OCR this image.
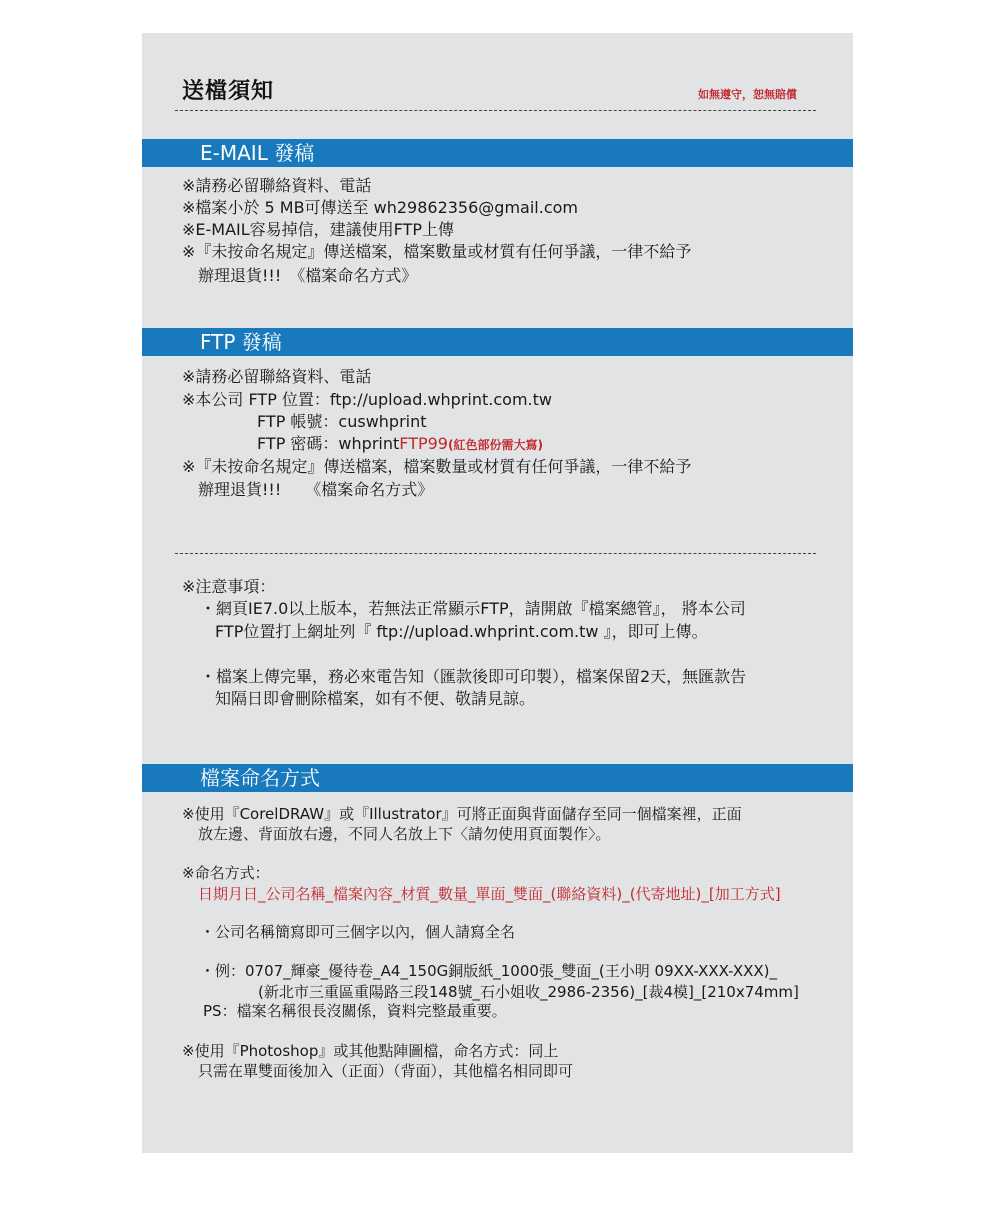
送檔須知	如無遵守，恕無賠償
E-MAIL 發稿
※請務必留聯絡資料、電話
※檔案小於 5 MB可傳送至 wh29862356@gmail.com
※E-MAIL容易掉信，建議使用FTP上傳
※『未按命名規定』傳送檔案，檔案數量或材質有任何爭議，一律不給予
辦理退貨!!!　《檔案命名方式》
FTP 發稿
※請務必留聯絡資料、電話
※本公司 FTP 位置：ftp://upload.whprint.com.tw
FTP 帳號：cuswhprint
FTP 密碼：whprintFTP99(紅色部份需大寫)
※『未按命名規定』傳送檔案，檔案數量或材質有任何爭議，一律不給予
辦理退貨!!!　　《檔案命名方式》
※注意事項：
・網頁IE7.0以上版本，若無法正常顯示FTP，請開啟『檔案總管』， 將本公司
FTP位置打上網址列『 ftp://upload.whprint.com.tw 』，即可上傳。
・檔案上傳完畢，務必來電告知（匯款後即可印製），檔案保留2天，無匯款告
知隔日即會刪除檔案，如有不便、敬請見諒。
檔案命名方式
※使用『CorelDRAW』或『Illustrator』可將正面與背面儲存至同一個檔案裡，正面
放左邊、背面放右邊，不同人名放上下〈請勿使用頁面製作〉。
※命名方式：
日期月日_公司名稱_檔案內容_材質_數量_單面_雙面_(聯絡資料)_(代寄地址)_[加工方式]
・公司名稱簡寫即可三個字以內，個人請寫全名
・例：0707_輝豪_優待卷_A4_150G銅版紙_1000張_雙面_(王小明 09XX-XXX-XXX)_
(新北市三重區重陽路三段148號_石小姐收_2986-2356)_[裁4模]_[210x74mm]
PS：檔案名稱很長沒關係，資料完整最重要。
※使用『Photoshop』或其他點陣圖檔，命名方式：同上
只需在單雙面後加入（正面）（背面），其他檔名相同即可
